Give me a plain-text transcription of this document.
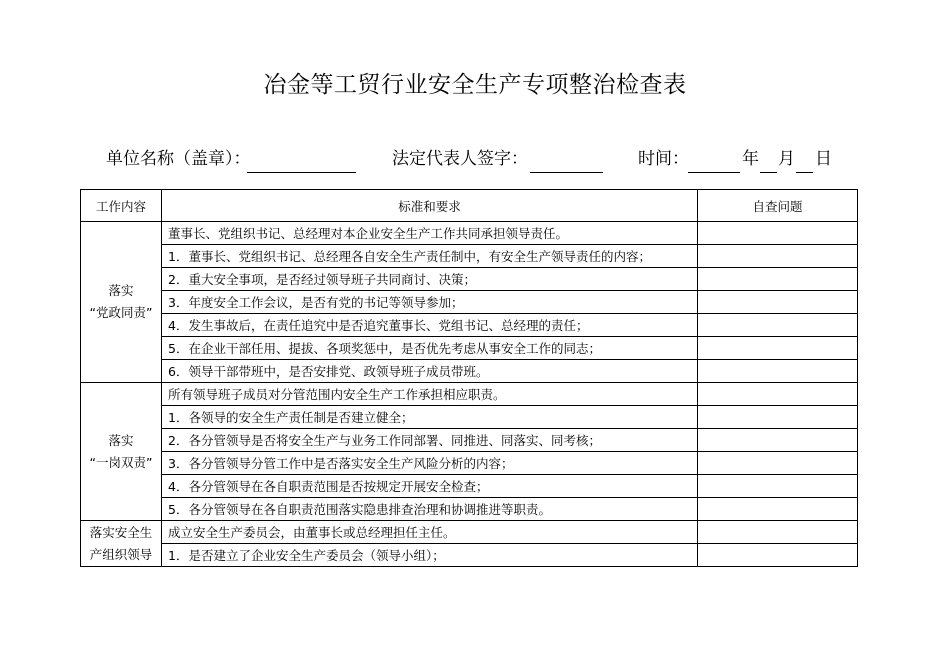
冶金等工贸行业安全生产专项整治检查表
单位名称（盖章）：	法定代表人签字：	时间：	年 月 日
工作内容	标准和要求	自查问题

落实
“党政同责”	董事长、党组织书记、总经理对本企业安全生产工作共同承担领导责任。	
	1．董事长、党组织书记、总经理各自安全生产责任制中，有安全生产领导责任的内容；	
	2．重大安全事项，是否经过领导班子共同商讨、决策；	
	3．年度安全工作会议，是否有党的书记等领导参加；	
	4．发生事故后，在责任追究中是否追究董事长、党组书记、总经理的责任；	
	5．在企业干部任用、提拔、各项奖惩中，是否优先考虑从事安全工作的同志；	
	6．领导干部带班中，是否安排党、政领导班子成员带班。	

落实
“一岗双责”	所有领导班子成员对分管范围内安全生产工作承担相应职责。	
	1．各领导的安全生产责任制是否建立健全；	
	2．各分管领导是否将安全生产与业务工作同部署、同推进、同落实、同考核；	
	3．各分管领导分管工作中是否落实安全生产风险分析的内容；	
	4．各分管领导在各自职责范围是否按规定开展安全检查；	
	5．各分管领导在各自职责范围落实隐患排查治理和协调推进等职责。	

落实安全生
产组织领导	成立安全生产委员会，由董事长或总经理担任主任。	
	1．是否建立了企业安全生产委员会（领导小组）；	
